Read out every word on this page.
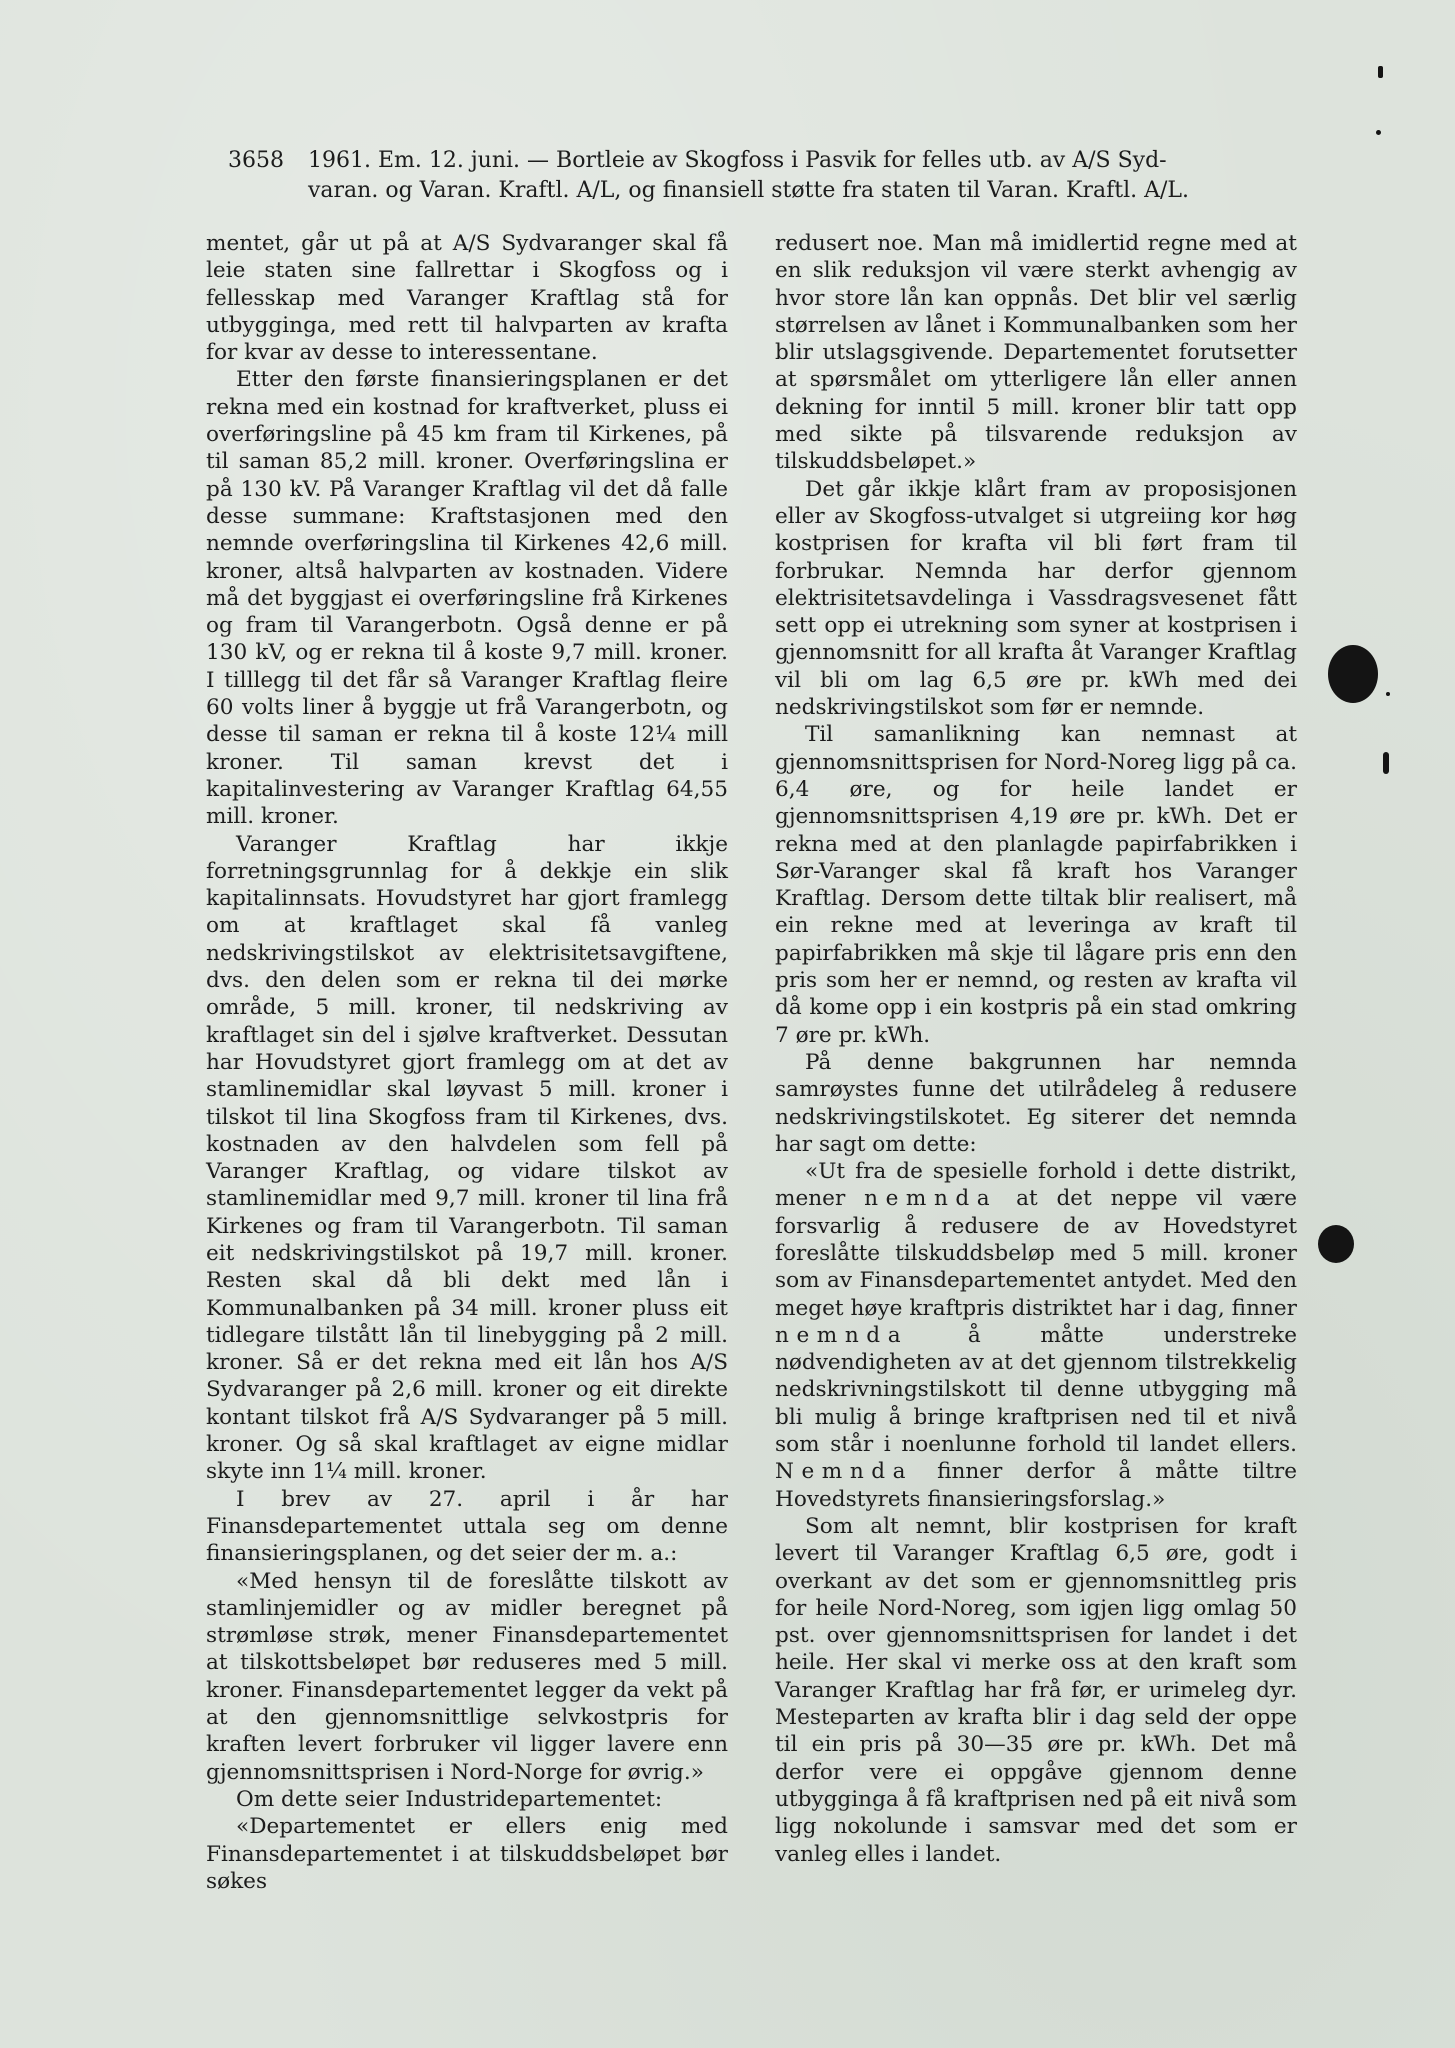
3658 1961. Em. 12. juni. — Bortleie av Skogfoss i Pasvik for felles utb. av A/S Syd-
varan. og Varan. Kraftl. A/L, og finansiell støtte fra staten til Varan. Kraftl. A/L.

mentet, går ut på at A/S Sydvaranger skal få leie staten sine fallrettar i Skogfoss og i fellesskap med Varanger Kraftlag stå for utbygginga, med rett til halvparten av krafta for kvar av desse to interessentane.

Etter den første finansieringsplanen er det rekna med ein kostnad for kraftverket, pluss ei overføringsline på 45 km fram til Kirkenes, på til saman 85,2 mill. kroner. Overføringslina er på 130 kV. På Varanger Kraftlag vil det då falle desse summane: Kraftstasjonen med den nemnde overføringslina til Kirkenes 42,6 mill. kroner, altså halvparten av kostnaden. Videre må det byggjast ei overføringsline frå Kirkenes og fram til Varangerbotn. Også denne er på 130 kV, og er rekna til å koste 9,7 mill. kroner. I tilllegg til det får så Varanger Kraftlag fleire 60 volts liner å byggje ut frå Varangerbotn, og desse til saman er rekna til å koste 12¼ mill kroner. Til saman krevst det i kapitalinvestering av Varanger Kraftlag 64,55 mill. kroner.

Varanger Kraftlag har ikkje forretningsgrunnlag for å dekkje ein slik kapitalinnsats. Hovudstyret har gjort framlegg om at kraftlaget skal få vanleg nedskrivingstilskot av elektrisitetsavgiftene, dvs. den delen som er rekna til dei mørke område, 5 mill. kroner, til nedskriving av kraftlaget sin del i sjølve kraftverket. Dessutan har Hovudstyret gjort framlegg om at det av stamlinemidlar skal løyvast 5 mill. kroner i tilskot til lina Skogfoss fram til Kirkenes, dvs. kostnaden av den halvdelen som fell på Varanger Kraftlag, og vidare tilskot av stamlinemidlar med 9,7 mill. kroner til lina frå Kirkenes og fram til Varangerbotn. Til saman eit nedskrivingstilskot på 19,7 mill. kroner. Resten skal då bli dekt med lån i Kommunalbanken på 34 mill. kroner pluss eit tidlegare tilstått lån til linebygging på 2 mill. kroner. Så er det rekna med eit lån hos A/S Sydvaranger på 2,6 mill. kroner og eit direkte kontant tilskot frå A/S Sydvaranger på 5 mill. kroner. Og så skal kraftlaget av eigne midlar skyte inn 1¼ mill. kroner.

I brev av 27. april i år har Finansdepartementet uttala seg om denne finansieringsplanen, og det seier der m. a.:

«Med hensyn til de foreslåtte tilskott av stamlinjemidler og av midler beregnet på strømløse strøk, mener Finansdepartementet at tilskottsbeløpet bør reduseres med 5 mill. kroner. Finansdepartementet legger da vekt på at den gjennomsnittlige selvkostpris for kraften levert forbruker vil ligger lavere enn gjennomsnittsprisen i Nord-Norge for øvrig.»

Om dette seier Industridepartementet:

«Departementet er ellers enig med Finansdepartementet i at tilskuddsbeløpet bør søkes

redusert noe. Man må imidlertid regne med at en slik reduksjon vil være sterkt avhengig av hvor store lån kan oppnås. Det blir vel særlig størrelsen av lånet i Kommunalbanken som her blir utslagsgivende. Departementet forutsetter at spørsmålet om ytterligere lån eller annen dekning for inntil 5 mill. kroner blir tatt opp med sikte på tilsvarende reduksjon av tilskuddsbeløpet.»

Det går ikkje klårt fram av proposisjonen eller av Skogfoss-utvalget si utgreiing kor høg kostprisen for krafta vil bli ført fram til forbrukar. Nemnda har derfor gjennom elektrisitetsavdelinga i Vassdragsvesenet fått sett opp ei utrekning som syner at kostprisen i gjennomsnitt for all krafta åt Varanger Kraftlag vil bli om lag 6,5 øre pr. kWh med dei nedskrivingstilskot som før er nemnde.

Til samanlikning kan nemnast at gjennomsnittsprisen for Nord-Noreg ligg på ca. 6,4 øre, og for heile landet er gjennomsnittsprisen 4,19 øre pr. kWh. Det er rekna med at den planlagde papirfabrikken i Sør-Varanger skal få kraft hos Varanger Kraftlag. Dersom dette tiltak blir realisert, må ein rekne med at leveringa av kraft til papirfabrikken må skje til lågare pris enn den pris som her er nemnd, og resten av krafta vil då kome opp i ein kostpris på ein stad omkring 7 øre pr. kWh.

På denne bakgrunnen har nemnda samrøystes funne det utilrådeleg å redusere nedskrivingstilskotet. Eg siterer det nemnda har sagt om dette:

«Ut fra de spesielle forhold i dette distrikt, mener nemnda at det neppe vil være forsvarlig å redusere de av Hovedstyret foreslåtte tilskuddsbeløp med 5 mill. kroner som av Finansdepartementet antydet. Med den meget høye kraftpris distriktet har i dag, finner nemnda	å måtte understreke nødvendigheten av at det gjennom tilstrekkelig nedskrivningstilskott til denne utbygging må bli mulig å bringe kraftprisen ned til et nivå som står i noenlunne forhold til landet ellers. Nemnda finner derfor å måtte tiltre Hovedstyrets finansieringsforslag.»

Som alt nemnt, blir kostprisen for kraft levert til Varanger Kraftlag 6,5 øre, godt i overkant av det som er gjennomsnittleg pris for heile Nord-Noreg, som igjen ligg omlag 50 pst. over gjennomsnittsprisen for landet i det heile. Her skal vi merke oss at den kraft som Varanger Kraftlag har frå før, er urimeleg dyr. Mesteparten av krafta blir i dag seld der oppe til ein pris på 30—35 øre pr. kWh. Det må derfor vere ei oppgåve gjennom denne utbygginga å få kraftprisen ned på eit nivå som ligg nokolunde i samsvar med det som er vanleg elles i landet.
